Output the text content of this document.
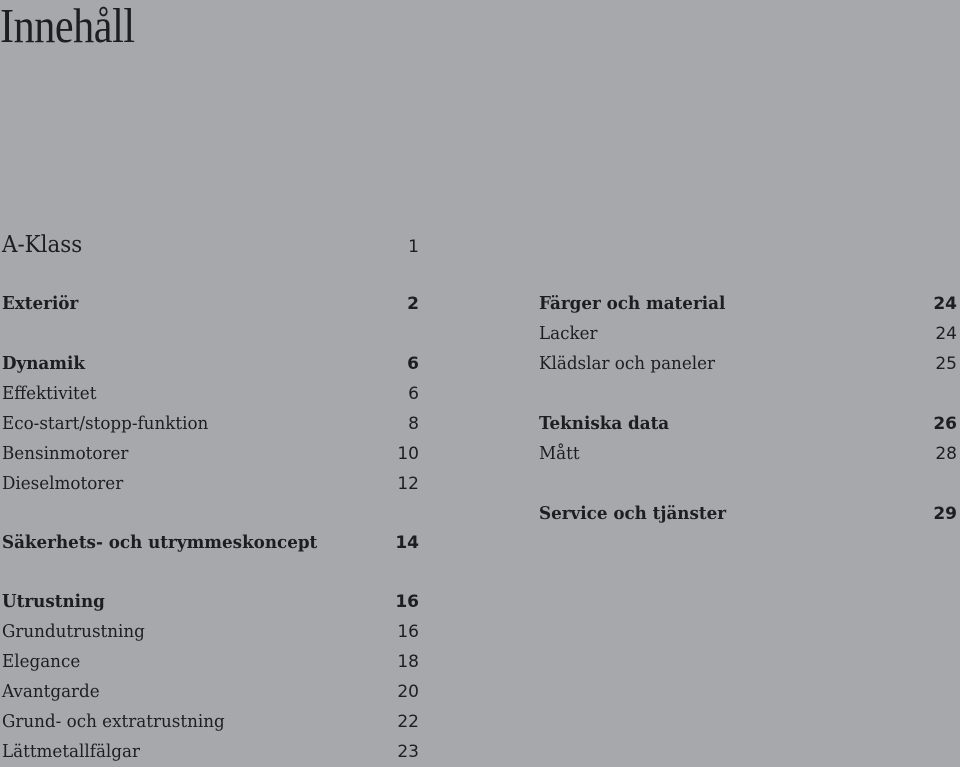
Innehåll
A-Klass	1
Exteriör	2
Dynamik	6
Effektivitet	6
Eco-start/stopp-funktion	8
Bensinmotorer	10
Dieselmotorer	12
Säkerhets- och utrymmeskoncept	14
Utrustning	16
Grundutrustning	16
Elegance	18
Avantgarde	20
Grund- och extratrustning	22
Lättmetallfälgar	23
Färger och material	24
Lacker	24
Klädslar och paneler	25
Tekniska data	26
Mått	28
Service och tjänster	29
